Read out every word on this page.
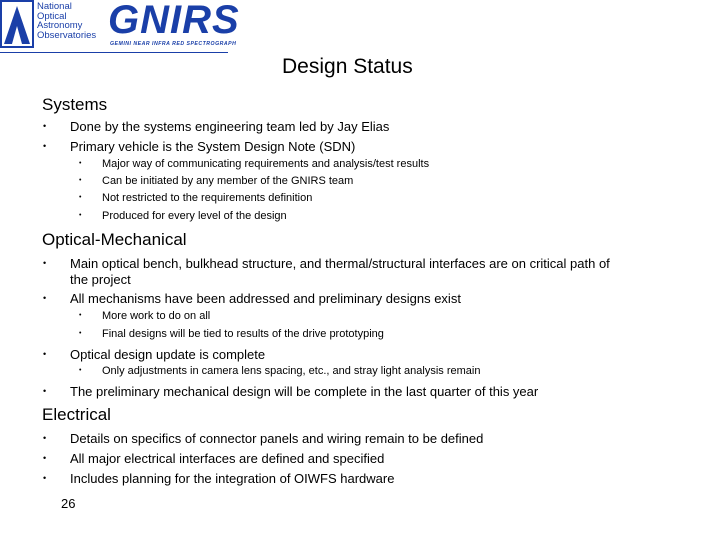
National
Optical
Astronomy
Observatories GNIRS
GEMINI NEAR INFRA RED SPECTROGRAPH
Design Status
Systems
• Done by the systems engineering team led by Jay Elias
• Primary vehicle is the System Design Note (SDN)
• Major way of communicating requirements and analysis/test results
• Can be initiated by any member of the GNIRS team
• Not restricted to the requirements definition
• Produced for every level of the design
Optical-Mechanical
• Main optical bench, bulkhead structure, and thermal/structural interfaces are on critical path of
the project
• All mechanisms have been addressed and preliminary designs exist
• More work to do on all
• Final designs will be tied to results of the drive prototyping
• Optical design update is complete
• Only adjustments in camera lens spacing, etc., and stray light analysis remain
• The preliminary mechanical design will be complete in the last quarter of this year
Electrical
• Details on specifics of connector panels and wiring remain to be defined
• All major electrical interfaces are defined and specified
• Includes planning for the integration of OIWFS hardware
26
